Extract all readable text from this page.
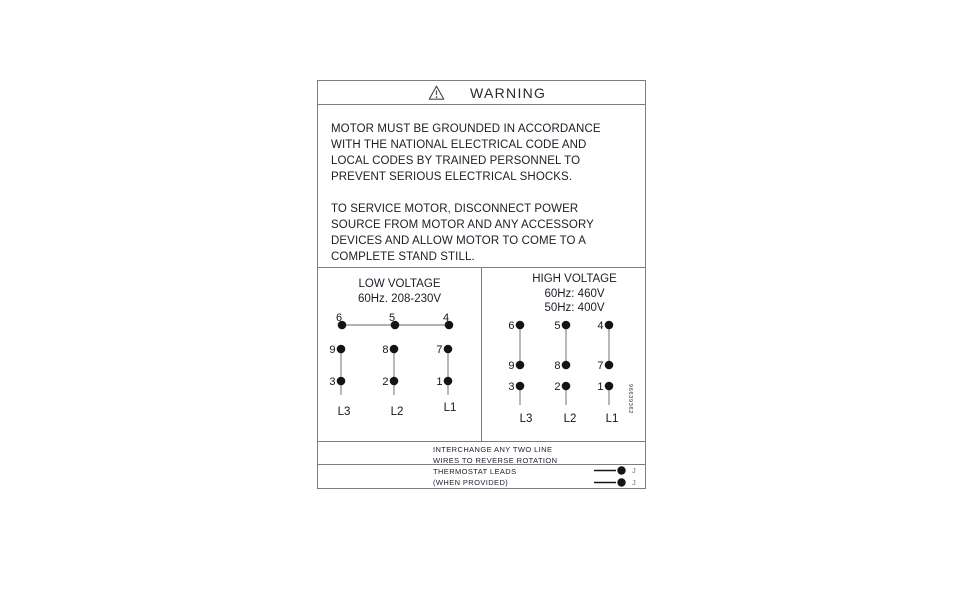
WARNING
MOTOR MUST BE GROUNDED IN ACCORDANCE
WITH THE NATIONAL ELECTRICAL CODE AND
LOCAL CODES BY TRAINED PERSONNEL TO
PREVENT SERIOUS ELECTRICAL SHOCKS.
TO SERVICE MOTOR, DISCONNECT POWER
SOURCE FROM MOTOR AND ANY ACCESSORY
DEVICES AND ALLOW MOTOR TO COME TO A
COMPLETE STAND STILL.
LOW VOLTAGE
60Hz. 208-230V
6	5	4
9	8	7
3	2	1
L3	L2	L1
HIGH VOLTAGE
60Hz: 460V
50Hz: 400V
6	5	4
9	8	7
3	2	1
L3	L2	L1
96639362
INTERCHANGE ANY TWO LINE
WIRES TO REVERSE ROTATION
THERMOSTAT LEADS
(WHEN PROVIDED)
J
J
